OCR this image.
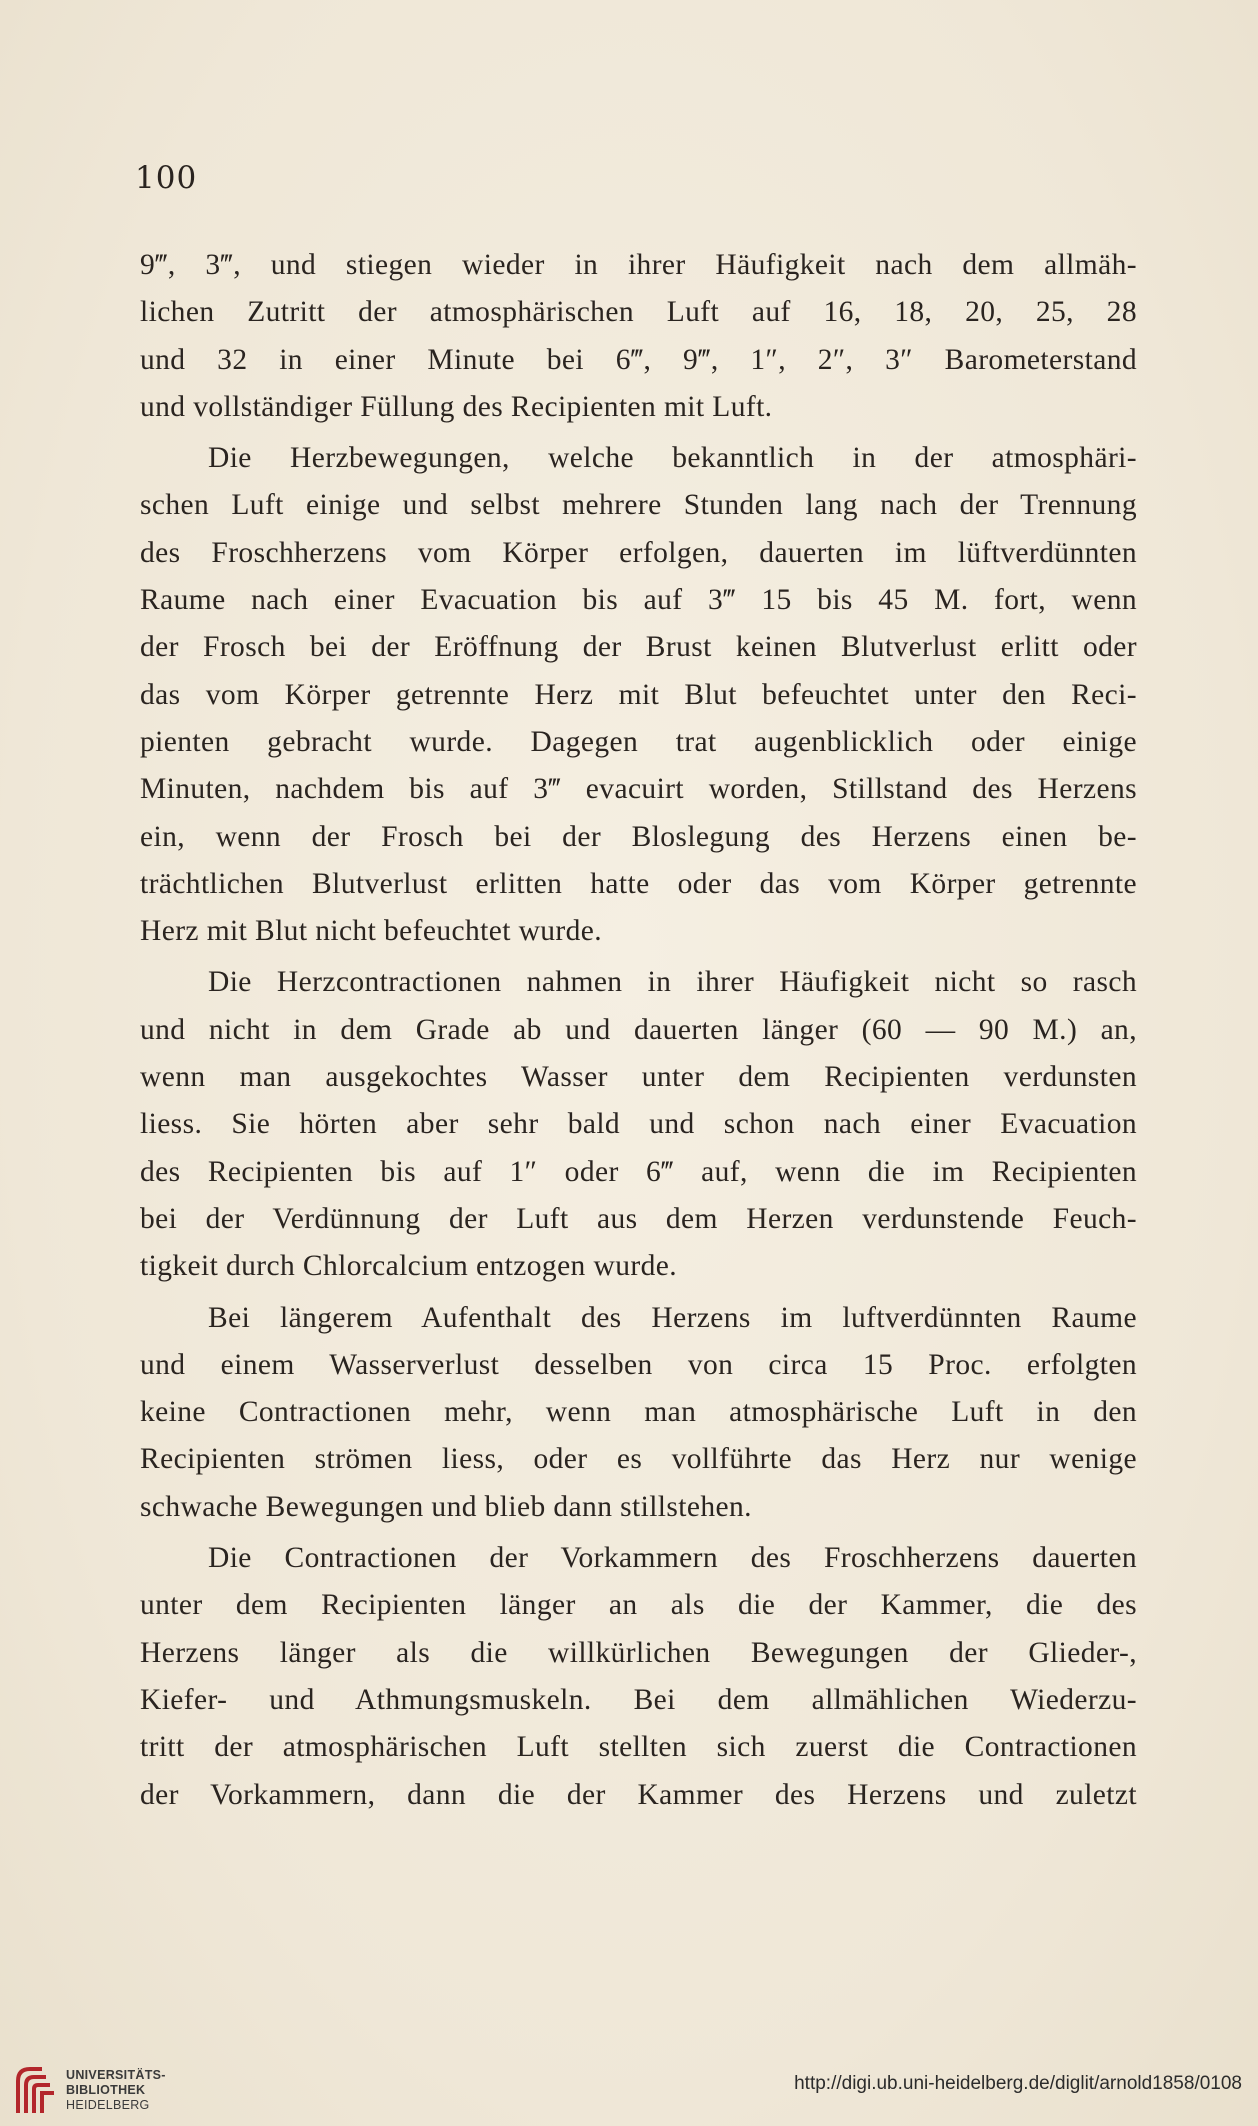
100
9‴, 3‴, und stiegen wieder in ihrer Häufigkeit nach dem allmäh-
lichen Zutritt der atmosphärischen Luft auf 16, 18, 20, 25, 28
und 32 in einer Minute bei 6‴, 9‴, 1″, 2″, 3″ Barometerstand
und vollständiger Füllung des Recipienten mit Luft.
Die Herzbewegungen, welche bekanntlich in der atmosphäri-
schen Luft einige und selbst mehrere Stunden lang nach der Trennung
des Froschherzens vom Körper erfolgen, dauerten im lüftverdünnten
Raume nach einer Evacuation bis auf 3‴ 15 bis 45 M. fort, wenn
der Frosch bei der Eröffnung der Brust keinen Blutverlust erlitt oder
das vom Körper getrennte Herz mit Blut befeuchtet unter den Reci-
pienten gebracht wurde. Dagegen trat augenblicklich oder einige
Minuten, nachdem bis auf 3‴ evacuirt worden, Stillstand des Herzens
ein, wenn der Frosch bei der Bloslegung des Herzens einen be-
trächtlichen Blutverlust erlitten hatte oder das vom Körper getrennte
Herz mit Blut nicht befeuchtet wurde.
Die Herzcontractionen nahmen in ihrer Häufigkeit nicht so rasch
und nicht in dem Grade ab und dauerten länger (60 — 90 M.) an,
wenn man ausgekochtes Wasser unter dem Recipienten verdunsten
liess. Sie hörten aber sehr bald und schon nach einer Evacuation
des Recipienten bis auf 1″ oder 6‴ auf, wenn die im Recipienten
bei der Verdünnung der Luft aus dem Herzen verdunstende Feuch-
tigkeit durch Chlorcalcium entzogen wurde.
Bei längerem Aufenthalt des Herzens im luftverdünnten Raume
und einem Wasserverlust desselben von circa 15 Proc. erfolgten
keine Contractionen mehr, wenn man atmosphärische Luft in den
Recipienten strömen liess, oder es vollführte das Herz nur wenige
schwache Bewegungen und blieb dann stillstehen.
Die Contractionen der Vorkammern des Froschherzens dauerten
unter dem Recipienten länger an als die der Kammer, die des
Herzens länger als die willkürlichen Bewegungen der Glieder-,
Kiefer- und Athmungsmuskeln. Bei dem allmählichen Wiederzu-
tritt der atmosphärischen Luft stellten sich zuerst die Contractionen
der Vorkammern, dann die der Kammer des Herzens und zuletzt
UNIVERSITÄTS-
BIBLIOTHEK
HEIDELBERG
http://digi.ub.uni-heidelberg.de/diglit/arnold1858/0108
